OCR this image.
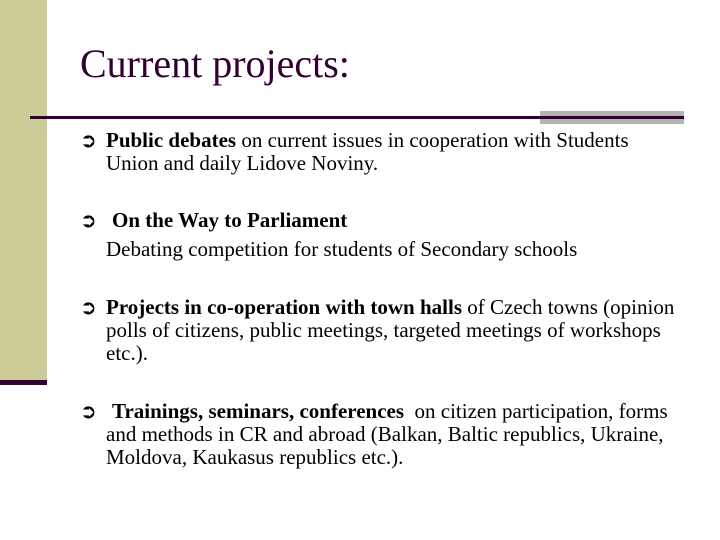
Current projects:
➲ Public debates on current issues in cooperation with Students Union and daily Lidove Noviny.
➲ On the Way to Parliament
Debating competition for students of Secondary schools
➲ Projects in co-operation with town halls of Czech towns (opinion polls of citizens, public meetings, targeted meetings of workshops etc.).
➲ Trainings, seminars, conferences  on citizen participation, forms and methods in CR and abroad (Balkan, Baltic republics, Ukraine, Moldova, Kaukasus republics etc.).
